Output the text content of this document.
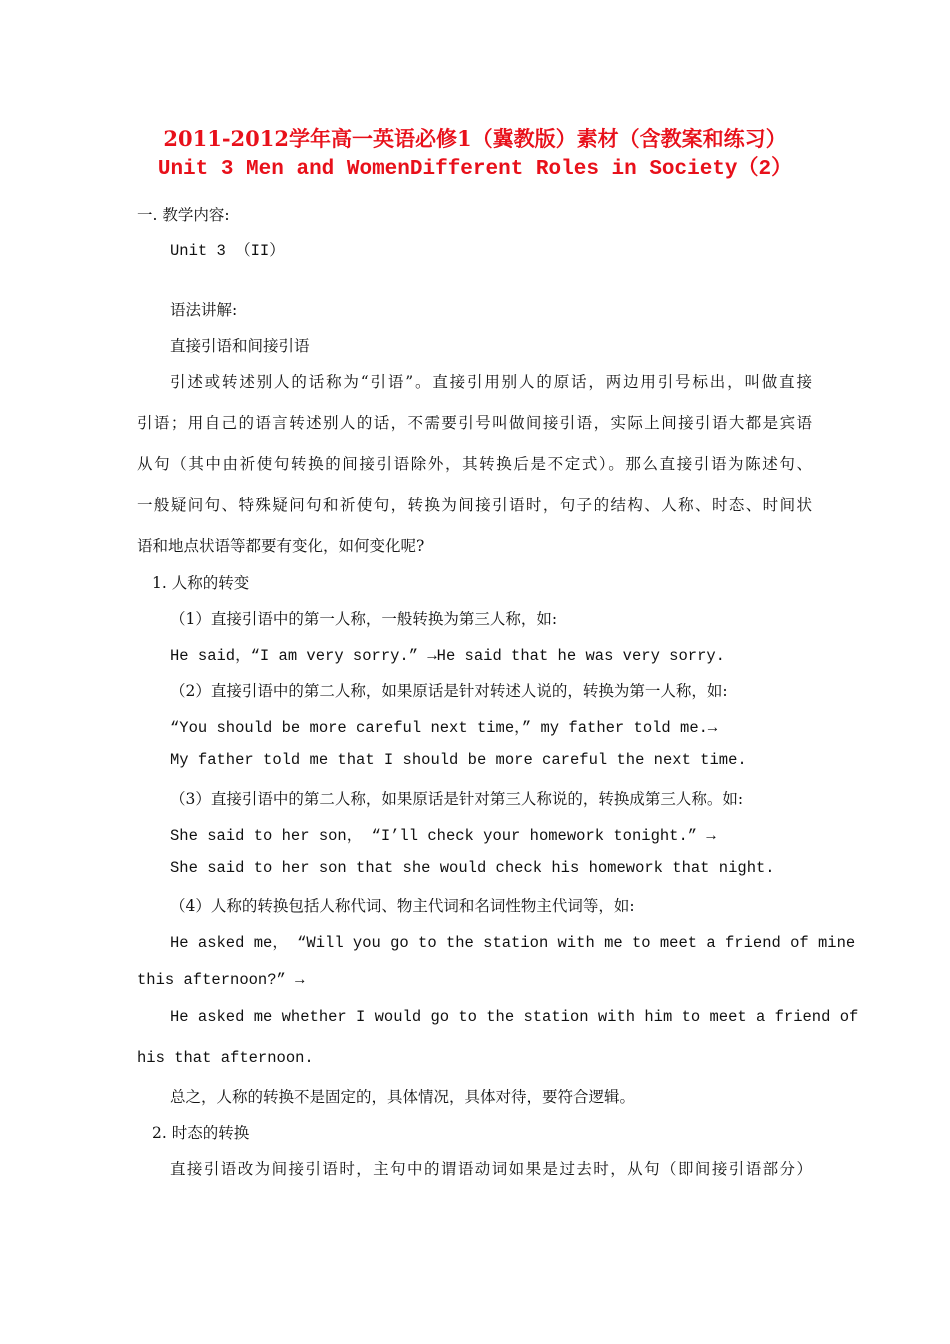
2011-2012学年高一英语必修1（冀教版）素材（含教案和练习）
Unit 3 Men and WomenDifferent Roles in Society（2）
一. 教学内容:
Unit 3 （II）
语法讲解:
直接引语和间接引语
引述或转述别人的话称为“引语”。直接引用别人的原话，两边用引号标出，叫做直接
引语；用自己的语言转述别人的话，不需要引号叫做间接引语，实际上间接引语大都是宾语
从句（其中由祈使句转换的间接引语除外，其转换后是不定式）。那么直接引语为陈述句、
一般疑问句、特殊疑问句和祈使句，转换为间接引语时，句子的结构、人称、时态、时间状
语和地点状语等都要有变化，如何变化呢?
1. 人称的转变
（1）直接引语中的第一人称，一般转换为第三人称，如:
He said，“I am very sorry.” →He said that he was very sorry.
（2）直接引语中的第二人称，如果原话是针对转述人说的，转换为第一人称，如:
“You should be more careful next time，” my father told me.→
My father told me that I should be more careful the next time.
（3）直接引语中的第二人称，如果原话是针对第三人称说的，转换成第三人称。如:
She said to her son， “I’ll check your homework tonight.” →
She said to her son that she would check his homework that night.
（4）人称的转换包括人称代词、物主代词和名词性物主代词等，如:
He asked me， “Will you go to the station with me to meet a friend of mine
this afternoon?” →
He asked me whether I would go to the station with him to meet a friend of
his that afternoon.
总之，人称的转换不是固定的，具体情况，具体对待，要符合逻辑。
2. 时态的转换
直接引语改为间接引语时，主句中的谓语动词如果是过去时，从句（即间接引语部分）
